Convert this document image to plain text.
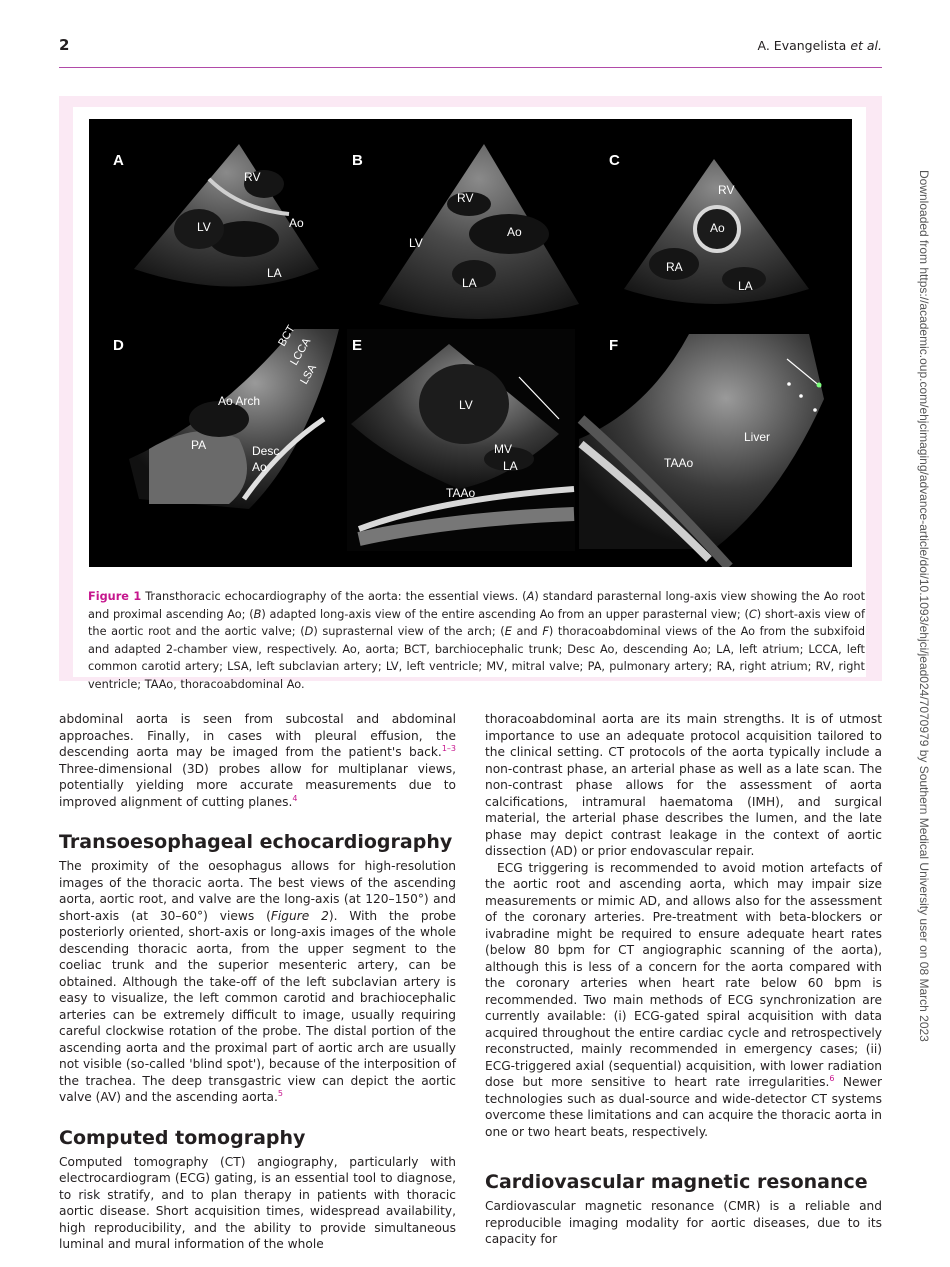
2	A. Evangelista et al.
A
RV
LV	Ao
LA
B
RV
Ao
LV
LA
C
RV
Ao
RA
LA
D	BCT
LCCA
LSA
Ao Arch
PA	Desc
Ao
E
LV
MV
LA
TAAo
F
Liver
TAAo
Figure 1 Transthoracic echocardiography of the aorta: the essential views. (A) standard parasternal long-axis view showing the Ao root and proximal ascending Ao; (B) adapted long-axis view of the entire ascending Ao from an upper parasternal view; (C) short-axis view of the aortic root and the aortic valve; (D) suprasternal view of the arch; (E and F) thoracoabdominal views of the Ao from the subxifoid and adapted 2-chamber view, respectively. Ao, aorta; BCT, barchiocephalic trunk; Desc Ao, descending Ao; LA, left atrium; LCCA, left common carotid artery; LSA, left subclavian artery; LV, left ventricle; MV, mitral valve; PA, pulmonary artery; RA, right atrium; RV, right ventricle; TAAo, thoracoabdominal Ao.

abdominal aorta is seen from subcostal and abdominal approaches. Finally, in cases with pleural effusion, the descending aorta may be imaged from the patient's back.$^{1-3}$ Three-dimensional (3D) probes allow for multiplanar views, potentially yielding more accurate measurements due to improved alignment of cutting planes.$^4$

Transoesophageal echocardiography

The proximity of the oesophagus allows for high-resolution images of the thoracic aorta. The best views of the ascending aorta, aortic root, and valve are the long-axis (at 120–150°) and short-axis (at 30–60°) views (Figure 2). With the probe posteriorly oriented, short-axis or long-axis images of the whole descending thoracic aorta, from the upper segment to the coeliac trunk and the superior mesenteric artery, can be obtained. Although the take-off of the left subclavian artery is easy to visualize, the left common carotid and brachiocephalic arteries can be extremely difficult to image, usually requiring careful clockwise rotation of the probe. The distal portion of the ascending aorta and the proximal part of aortic arch are usually not visible (so-called 'blind spot'), because of the interposition of the trachea. The deep transgastric view can depict the aortic valve (AV) and the ascending aorta.$^5$

Computed tomography

Computed tomography (CT) angiography, particularly with electrocardiogram (ECG) gating, is an essential tool to diagnose, to risk stratify, and to plan therapy in patients with thoracic aortic disease. Short acquisition times, widespread availability, high reproducibility, and the ability to provide simultaneous luminal and mural information of the whole

thoracoabdominal aorta are its main strengths. It is of utmost importance to use an adequate protocol acquisition tailored to the clinical setting. CT protocols of the aorta typically include a non-contrast phase, an arterial phase as well as a late scan. The non-contrast phase allows for the assessment of aorta calcifications, intramural haematoma (IMH), and surgical material, the arterial phase describes the lumen, and the late phase may depict contrast leakage in the context of aortic dissection (AD) or prior endovascular repair.

ECG triggering is recommended to avoid motion artefacts of the aortic root and ascending aorta, which may impair size measurements or mimic AD, and allows also for the assessment of the coronary arteries. Pre-treatment with beta-blockers or ivabradine might be required to ensure adequate heart rates (below 80 bpm for CT angiographic scanning of the aorta), although this is less of a concern for the aorta compared with the coronary arteries when heart rate below 60 bpm is recommended. Two main methods of ECG synchronization are currently available: (i) ECG-gated spiral acquisition with data acquired throughout the entire cardiac cycle and retrospectively reconstructed, mainly recommended in emergency cases; (ii) ECG-triggered axial (sequential) acquisition, with lower radiation dose but more sensitive to heart rate irregularities.$^6$ Newer technologies such as dual-source and wide-detector CT systems overcome these limitations and can acquire the thoracic aorta in one or two heart beats, respectively.

Cardiovascular magnetic resonance

Cardiovascular magnetic resonance (CMR) is a reliable and reproducible imaging modality for aortic diseases, due to its capacity for

Downloaded from https://academic.oup.com/ehjcimaging/advance-article/doi/10.1093/ehjci/jead024/7070979 by Southern Medical University user on 08 March 2023
